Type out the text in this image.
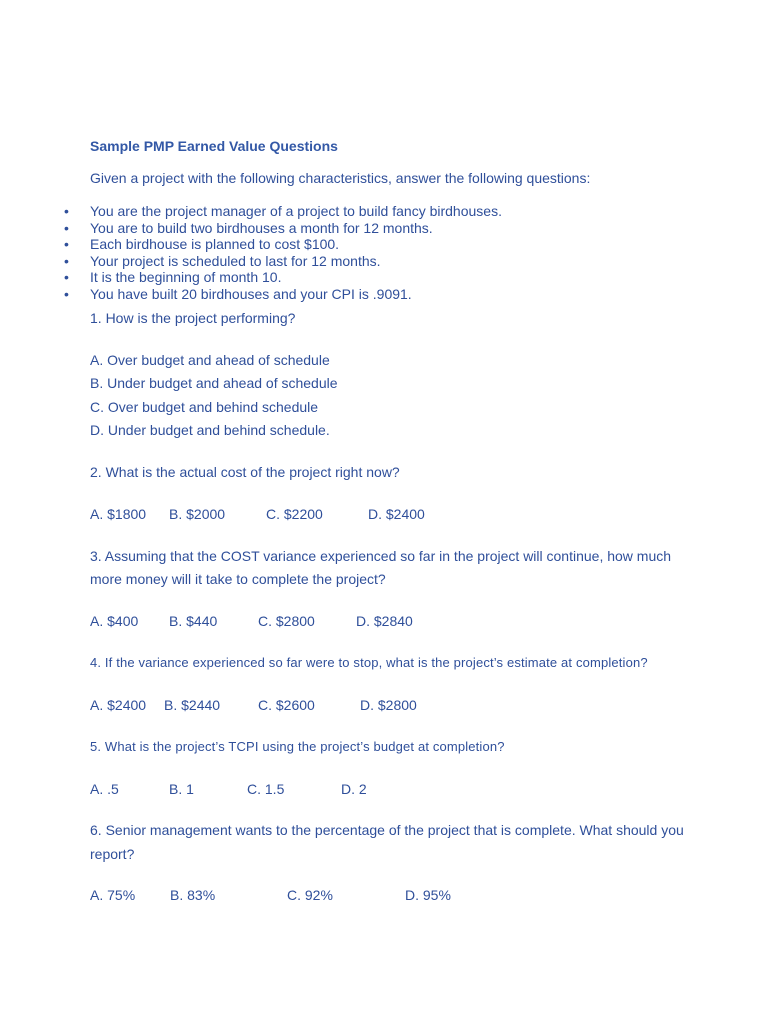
Sample PMP Earned Value Questions
Given a project with the following characteristics, answer the following questions:
• You are the project manager of a project to build fancy birdhouses.
• You are to build two birdhouses a month for 12 months.
• Each birdhouse is planned to cost $100.
• Your project is scheduled to last for 12 months.
• It is the beginning of month 10.
• You have built 20 birdhouses and your CPI is .9091.
1. How is the project performing?
A. Over budget and ahead of schedule
B. Under budget and ahead of schedule
C. Over budget and behind schedule
D. Under budget and behind schedule.
2. What is the actual cost of the project right now?
A. $1800 B. $2000	C. $2200	D. $2400
3. Assuming that the COST variance experienced so far in the project will continue, how much
more money will it take to complete the project?
A. $400 B. $440	C. $2800	D. $2840
4. If the variance experienced so far were to stop, what is the project’s estimate at completion?
A. $2400 B. $2440	C. $2600	D. $2800
5. What is the project’s TCPI using the project’s budget at completion?
A. .5	B. 1	C. 1.5	D. 2
6. Senior management wants to the percentage of the project that is complete. What should you
report?
A. 75% B. 83%	C. 92%	D. 95%
